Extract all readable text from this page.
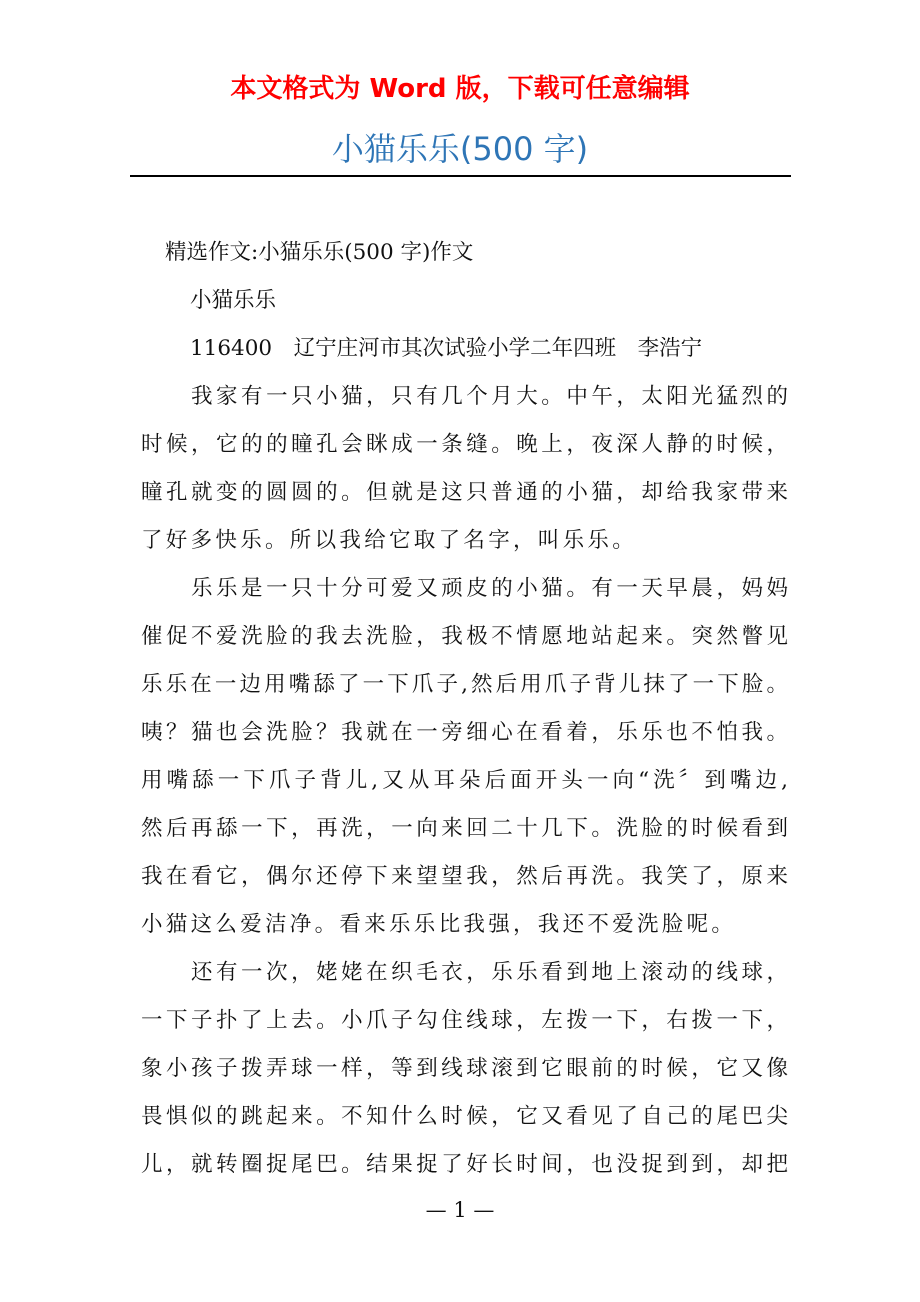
本文格式为 Word 版，下载可任意编辑
小猫乐乐(500 字)
精选作文:小猫乐乐(500 字)作文
小猫乐乐
116400　辽宁庄河市其次试验小学二年四班　李浩宁
我家有一只小猫，只有几个月大。中午，太阳光猛烈的
时候，它的的瞳孔会眯成一条缝。晚上，夜深人静的时候，
瞳孔就变的圆圆的。但就是这只普通的小猫，却给我家带来
了好多快乐。所以我给它取了名字，叫乐乐。
乐乐是一只十分可爱又顽皮的小猫。有一天早晨，妈妈
催促不爱洗脸的我去洗脸，我极不情愿地站起来。突然瞥见
乐乐在一边用嘴舔了一下爪子,然后用爪子背儿抹了一下脸。
咦？猫也会洗脸？我就在一旁细心在看着，乐乐也不怕我。
用嘴舔一下爪子背儿,又从耳朵后面开头一向“洗〞到嘴边,
然后再舔一下，再洗，一向来回二十几下。洗脸的时候看到
我在看它，偶尔还停下来望望我，然后再洗。我笑了，原来
小猫这么爱洁净。看来乐乐比我强，我还不爱洗脸呢。
还有一次，姥姥在织毛衣，乐乐看到地上滚动的线球，
一下子扑了上去。小爪子勾住线球，左拨一下，右拨一下，
象小孩子拨弄球一样，等到线球滚到它眼前的时候，它又像
畏惧似的跳起来。不知什么时候，它又看见了自己的尾巴尖
儿，就转圈捉尾巴。结果捉了好长时间，也没捉到到，却把
— 1 —
